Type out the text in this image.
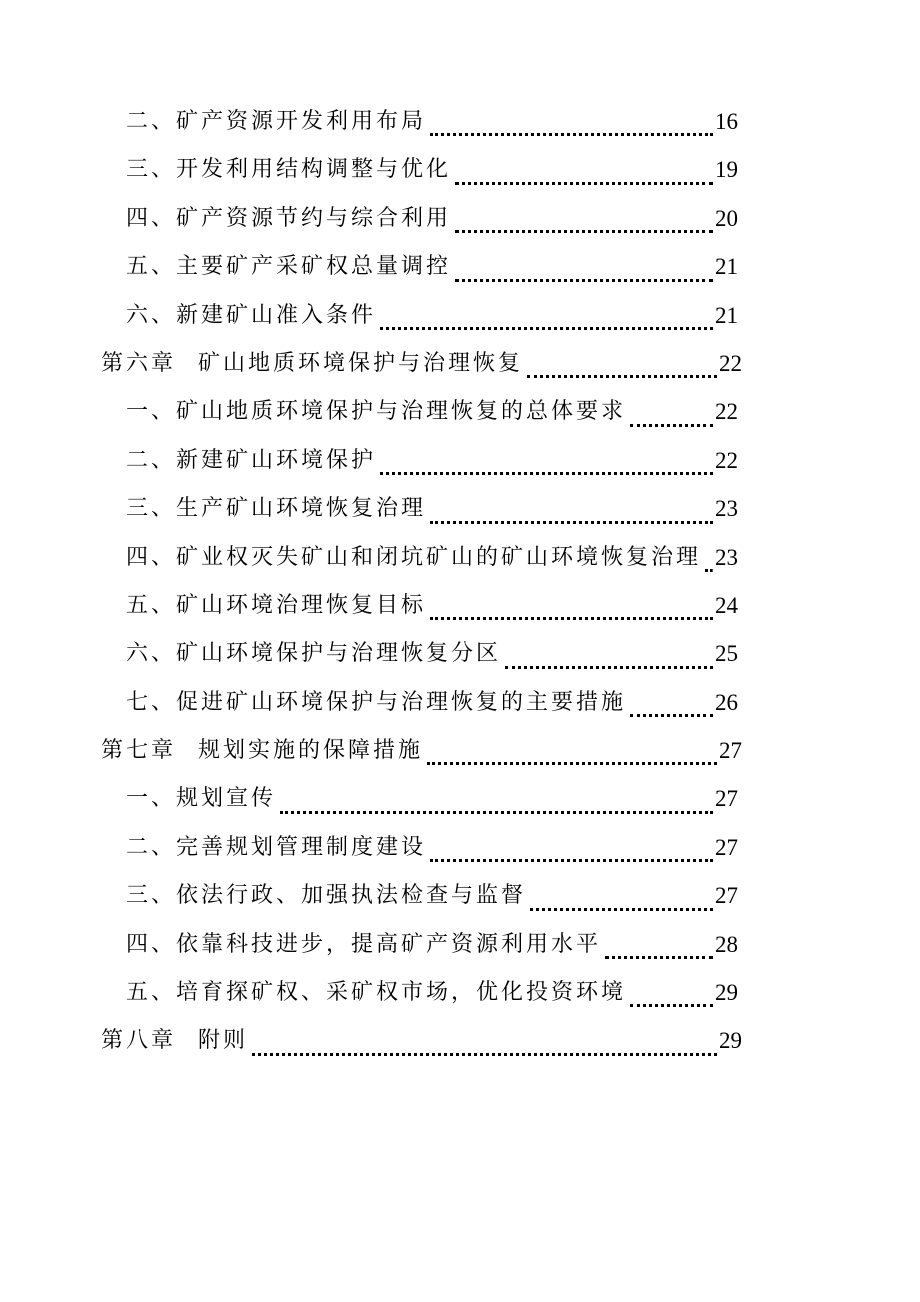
二、矿产资源开发利用布局	16
三、开发利用结构调整与优化	19
四、矿产资源节约与综合利用	20
五、主要矿产采矿权总量调控	21
六、新建矿山准入条件	21
第六章 矿山地质环境保护与治理恢复	22
一、矿山地质环境保护与治理恢复的总体要求	22
二、新建矿山环境保护	22
三、生产矿山环境恢复治理	23
四、矿业权灭失矿山和闭坑矿山的矿山环境恢复治理 23
五、矿山环境治理恢复目标	24
六、矿山环境保护与治理恢复分区	25
七、促进矿山环境保护与治理恢复的主要措施	26
第七章 规划实施的保障措施	27
一、规划宣传	27
二、完善规划管理制度建设	27
三、依法行政、加强执法检查与监督	27
四、依靠科技进步，提高矿产资源利用水平	28
五、培育探矿权、采矿权市场，优化投资环境	29
第八章 附则	29
